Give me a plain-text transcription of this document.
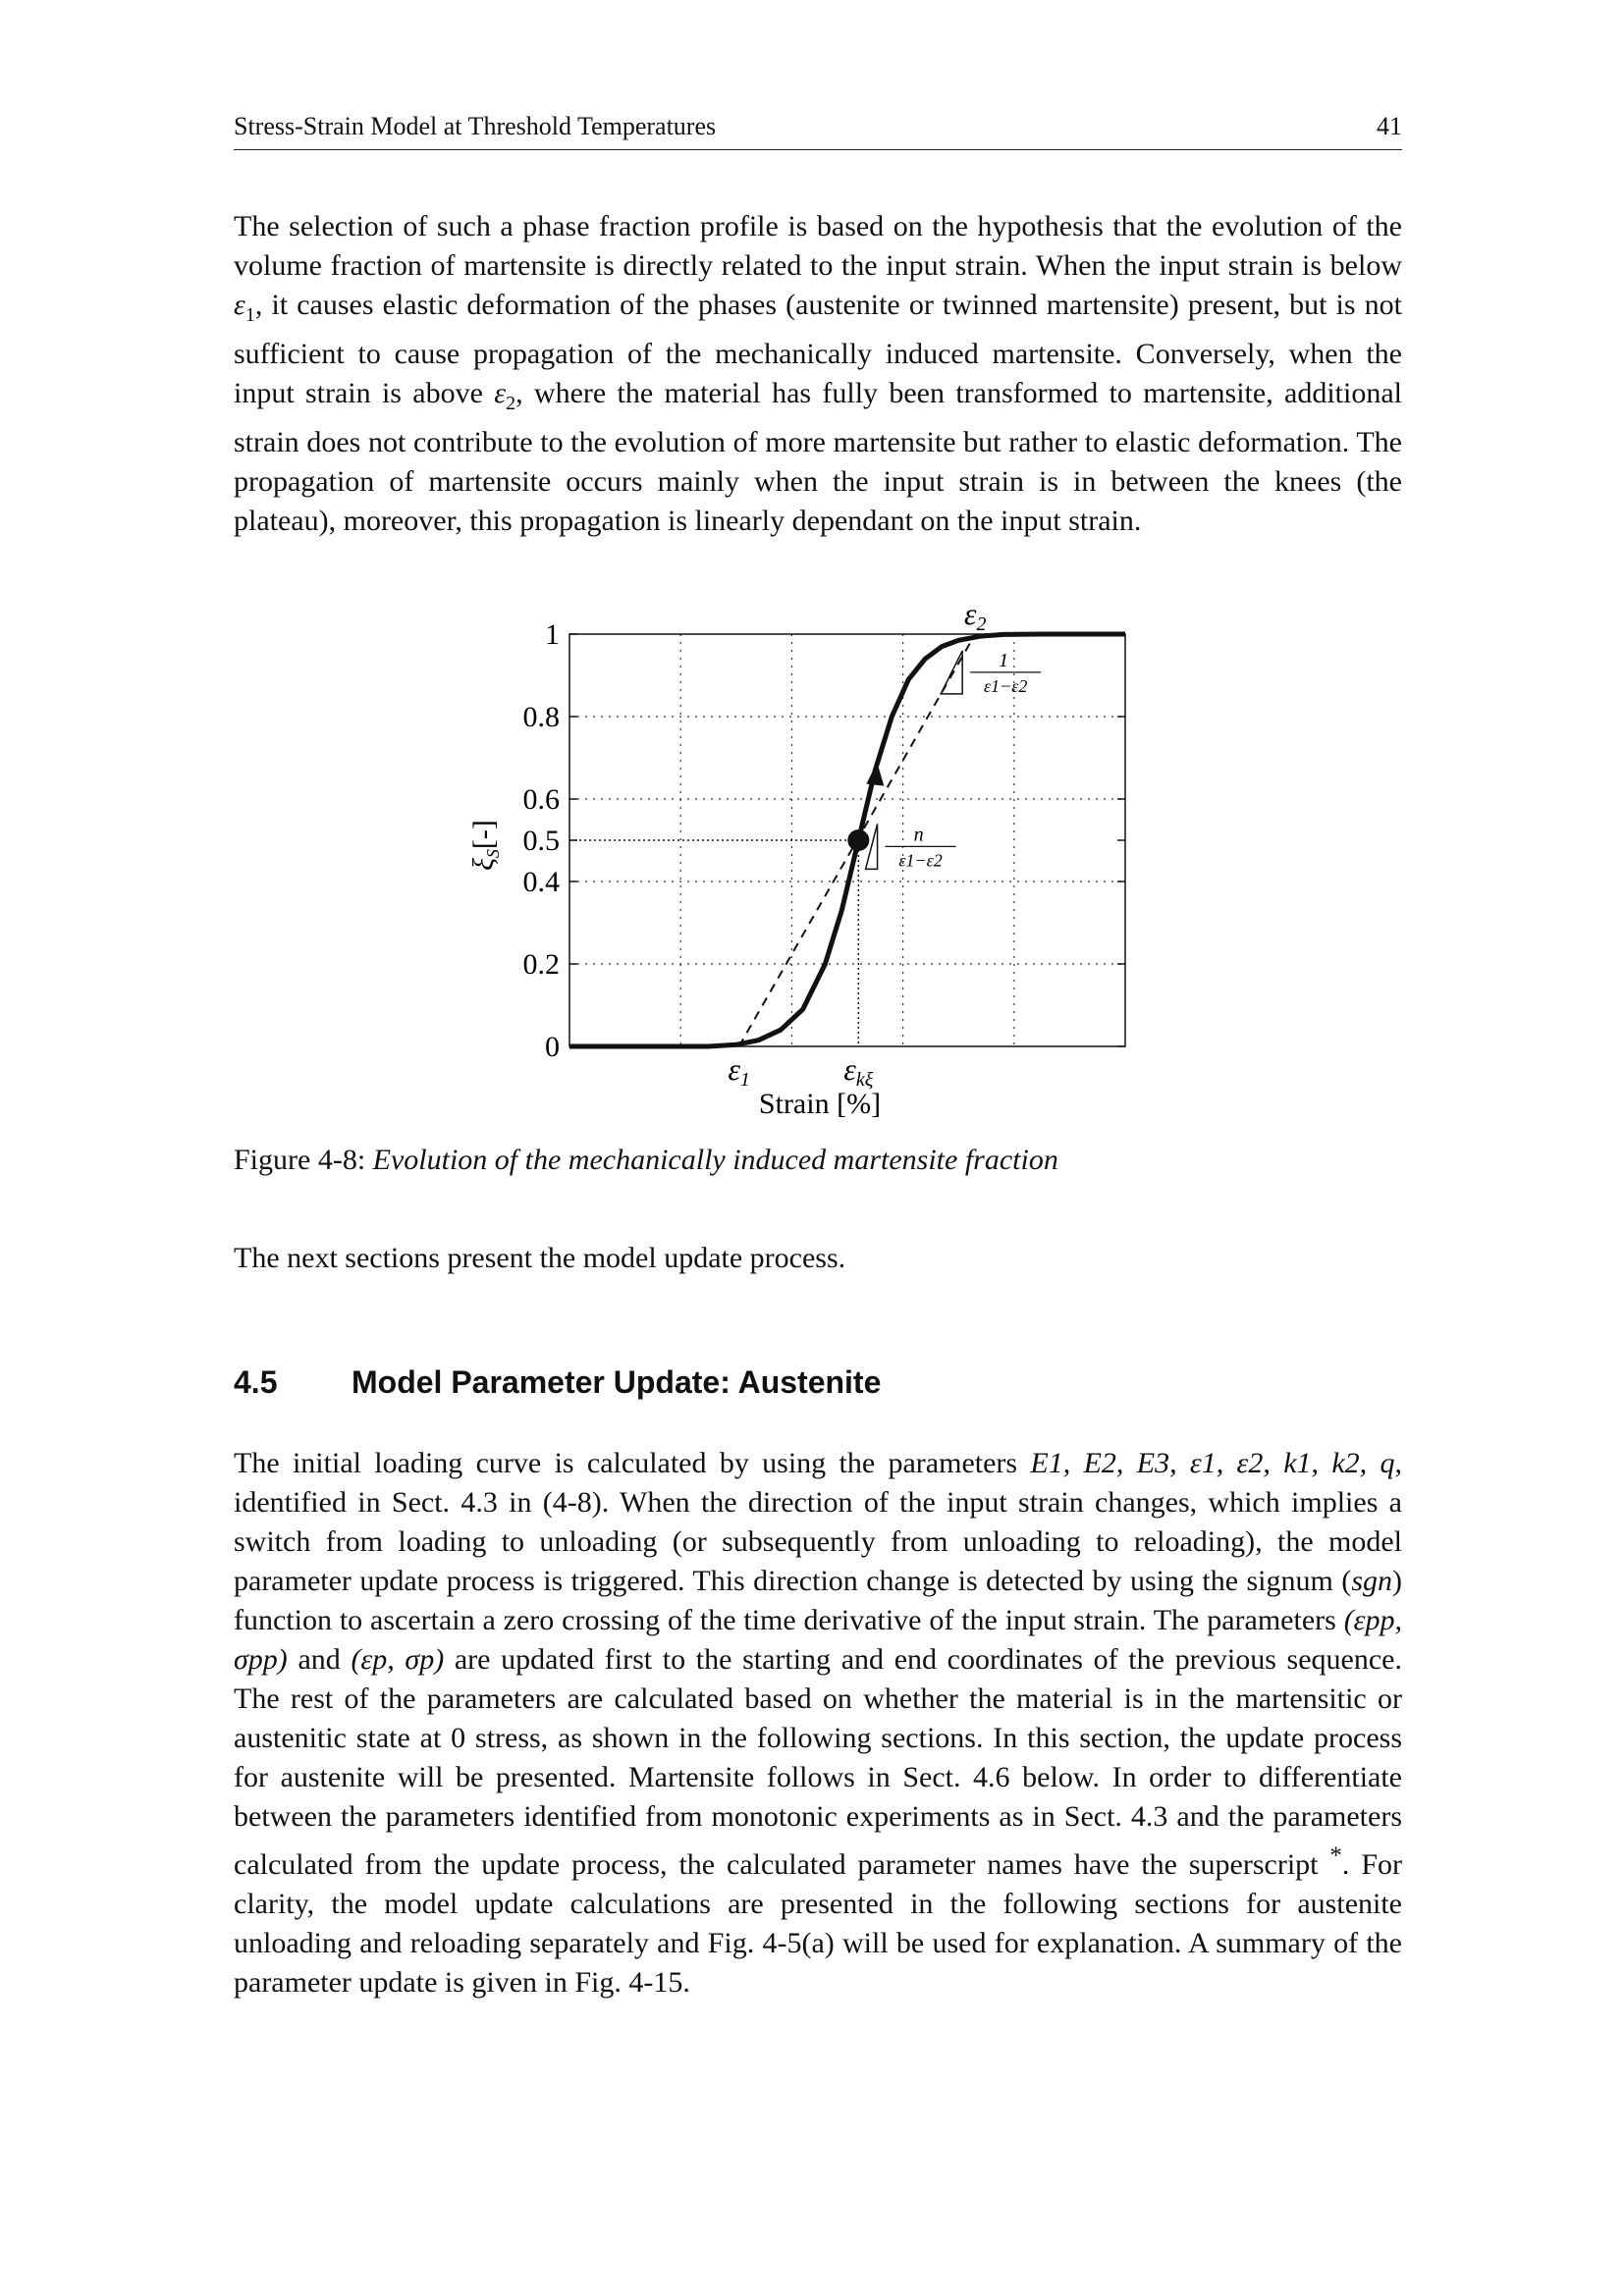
Stress-Strain Model at Threshold Temperatures	41

The selection of such a phase fraction profile is based on the hypothesis that the evolution of the volume fraction of martensite is directly related to the input strain. When the input strain is below $\varepsilon_1$, it causes elastic deformation of the phases (austenite or twinned martensite) present, but is not sufficient to cause propagation of the mechanically induced martensite. Conversely, when the input strain is above $\varepsilon_2$, where the material has fully been transformed to martensite, additional strain does not contribute to the evolution of more martensite but rather to elastic deformation. The propagation of martensite occurs mainly when the input strain is in between the knees (the plateau), moreover, this propagation is linearly dependant on the input strain.

0
0.2
0.4
0.5
0.6
0.8
1
ε1	εkξ
ε2
1
ε1−ε2
n
ε1−ε2
Strain [%]
$\xi_S[-]$
Figure 4-8: Evolution of the mechanically induced martensite fraction

The next sections present the model update process.

4.5 Model Parameter Update: Austenite

The initial loading curve is calculated by using the parameters E1, E2, E3, ε1, ε2, k1, k2, q, identified in Sect. 4.3 in (4-8). When the direction of the input strain changes, which implies a switch from loading to unloading (or subsequently from unloading to reloading), the model parameter update process is triggered. This direction change is detected by using the signum (sgn) function to ascertain a zero crossing of the time derivative of the input strain. The parameters (εpp, σpp) and (εp, σp) are updated first to the starting and end coordinates of the previous sequence. The rest of the parameters are calculated based on whether the material is in the martensitic or austenitic state at 0 stress, as shown in the following sections. In this section, the update process for austenite will be presented. Martensite follows in Sect. 4.6 below. In order to differentiate between the parameters identified from monotonic experiments as in Sect. 4.3 and the parameters calculated from the update process, the calculated parameter names have the superscript *. For clarity, the model update calculations are presented in the following sections for austenite unloading and reloading separately and Fig. 4-5(a) will be used for explanation. A summary of the parameter update is given in Fig. 4-15.
